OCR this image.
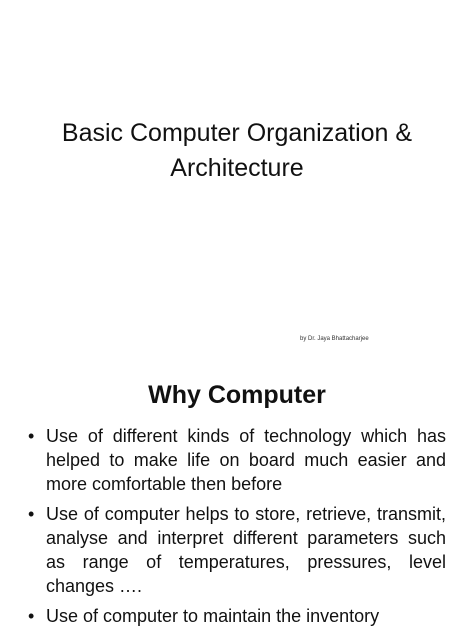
Basic Computer Organization & Architecture
by Dr. Jaya Bhattacharjee
Why Computer
• Use of different kinds of technology which has helped to make life on board much easier and more comfortable then before
• Use of computer helps to store, retrieve, transmit, analyse and interpret different parameters such as range of temperatures, pressures, level changes ….
• Use of computer to maintain the inventory
